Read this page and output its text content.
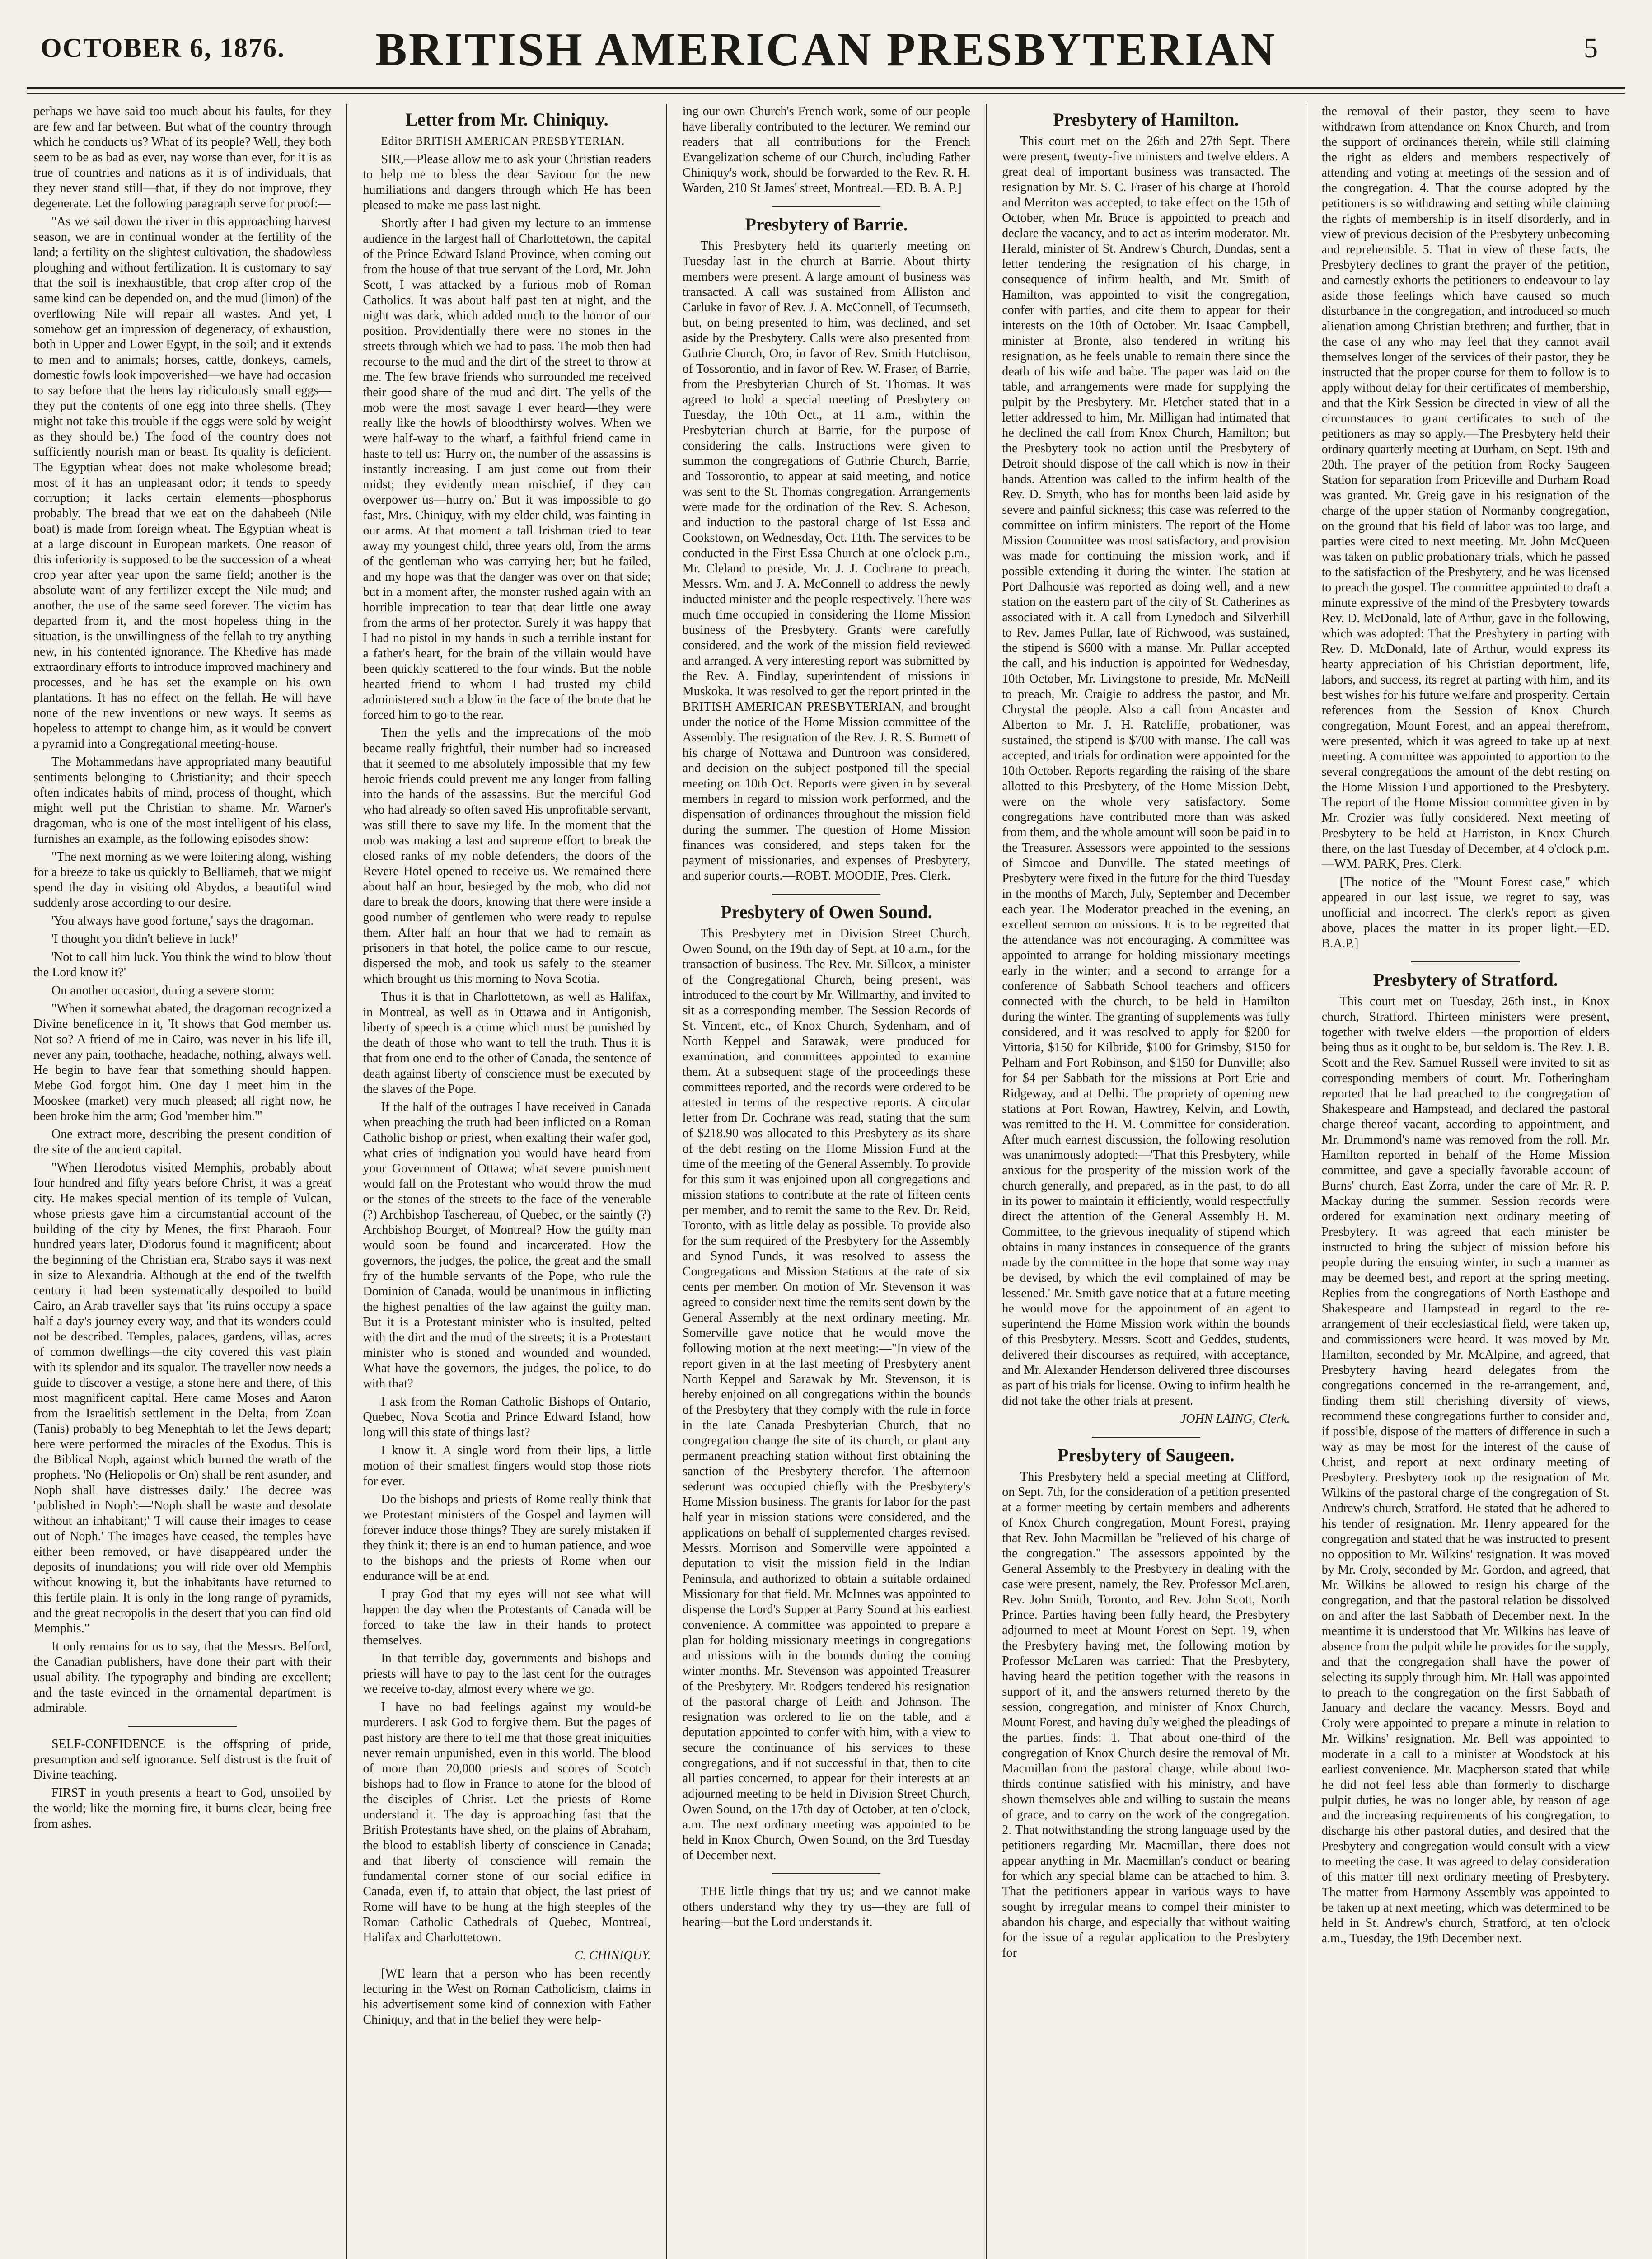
OCTOBER 6, 1876.	BRITISH AMERICAN PRESBYTERIAN	5

perhaps we have said too much about his faults, for they are few and far between. But what of the country through which he conducts us? What of its people? Well, they both seem to be as bad as ever, nay worse than ever, for it is as true of countries and nations as it is of individuals, that they never stand still—that, if they do not improve, they degenerate. Let the following paragraph serve for proof:—

"As we sail down the river in this approaching harvest season, we are in continual wonder at the fertility of the land; a fertility on the slightest cultivation, the shadowless ploughing and without fertilization. It is customary to say that the soil is inexhaustible, that crop after crop of the same kind can be depended on, and the mud (limon) of the overflowing Nile will repair all wastes. And yet, I somehow get an impression of degeneracy, of exhaustion, both in Upper and Lower Egypt, in the soil; and it extends to men and to animals; horses, cattle, donkeys, camels, domestic fowls look impoverished—we have had occasion to say before that the hens lay ridiculously small eggs—they put the contents of one egg into three shells. (They might not take this trouble if the eggs were sold by weight as they should be.) The food of the country does not sufficiently nourish man or beast. Its quality is deficient. The Egyptian wheat does not make wholesome bread; most of it has an unpleasant odor; it tends to speedy corruption; it lacks certain elements—phosphorus probably. The bread that we eat on the dahabeeh (Nile boat) is made from foreign wheat. The Egyptian wheat is at a large discount in European markets. One reason of this inferiority is supposed to be the succession of a wheat crop year after year upon the same field; another is the absolute want of any fertilizer except the Nile mud; and another, the use of the same seed forever. The victim has departed from it, and the most hopeless thing in the situation, is the unwillingness of the fellah to try anything new, in his contented ignorance. The Khedive has made extraordinary efforts to introduce improved machinery and processes, and he has set the example on his own plantations. It has no effect on the fellah. He will have none of the new inventions or new ways. It seems as hopeless to attempt to change him, as it would be convert a pyramid into a Congregational meeting-house.

The Mohammedans have appropriated many beautiful sentiments belonging to Christianity; and their speech often indicates habits of mind, process of thought, which might well put the Christian to shame. Mr. Warner's dragoman, who is one of the most intelligent of his class, furnishes an example, as the following episodes show:

"The next morning as we were loitering along, wishing for a breeze to take us quickly to Belliameh, that we might spend the day in visiting old Abydos, a beautiful wind suddenly arose according to our desire.

'You always have good fortune,' says the dragoman.

'I thought you didn't believe in luck!'

'Not to call him luck. You think the wind to blow 'thout the Lord know it?'

On another occasion, during a severe storm:

"When it somewhat abated, the dragoman recognized a Divine beneficence in it, 'It shows that God member us. Not so? A friend of me in Cairo, was never in his life ill, never any pain, toothache, headache, nothing, always well. He begin to have fear that something should happen. Mebe God forgot him. One day I meet him in the Mooskee (market) very much pleased; all right now, he been broke him the arm; God 'member him.'"

One extract more, describing the present condition of the site of the ancient capital.

"When Herodotus visited Memphis, probably about four hundred and fifty years before Christ, it was a great city. He makes special mention of its temple of Vulcan, whose priests gave him a circumstantial account of the building of the city by Menes, the first Pharaoh. Four hundred years later, Diodorus found it magnificent; about the beginning of the Christian era, Strabo says it was next in size to Alexandria. Although at the end of the twelfth century it had been systematically despoiled to build Cairo, an Arab traveller says that 'its ruins occupy a space half a day's journey every way, and that its wonders could not be described. Temples, palaces, gardens, villas, acres of common dwellings—the city covered this vast plain with its splendor and its squalor. The traveller now needs a guide to discover a vestige, a stone here and there, of this most magnificent capital. Here came Moses and Aaron from the Israelitish settlement in the Delta, from Zoan (Tanis) probably to beg Menephtah to let the Jews depart; here were performed the miracles of the Exodus. This is the Biblical Noph, against which burned the wrath of the prophets. 'No (Heliopolis or On) shall be rent asunder, and Noph shall have distresses daily.' The decree was 'published in Noph':—'Noph shall be waste and desolate without an inhabitant;' 'I will cause their images to cease out of Noph.' The images have ceased, the temples have either been removed, or have disappeared under the deposits of inundations; you will ride over old Memphis without knowing it, but the inhabitants have returned to this fertile plain. It is only in the long range of pyramids, and the great necropolis in the desert that you can find old Memphis."

It only remains for us to say, that the Messrs. Belford, the Canadian publishers, have done their part with their usual ability. The typography and binding are excellent; and the taste evinced in the ornamental department is admirable.

SELF-CONFIDENCE is the offspring of pride, presumption and self ignorance. Self distrust is the fruit of Divine teaching.

FIRST in youth presents a heart to God, unsoiled by the world; like the morning fire, it burns clear, being free from ashes.

Letter from Mr. Chiniquy.

Editor BRITISH AMERICAN PRESBYTERIAN.

SIR,—Please allow me to ask your Christian readers to help me to bless the dear Saviour for the new humiliations and dangers through which He has been pleased to make me pass last night.

Shortly after I had given my lecture to an immense audience in the largest hall of Charlottetown, the capital of the Prince Edward Island Province, when coming out from the house of that true servant of the Lord, Mr. John Scott, I was attacked by a furious mob of Roman Catholics. It was about half past ten at night, and the night was dark, which added much to the horror of our position. Providentially there were no stones in the streets through which we had to pass. The mob then had recourse to the mud and the dirt of the street to throw at me. The few brave friends who surrounded me received their good share of the mud and dirt. The yells of the mob were the most savage I ever heard—they were really like the howls of bloodthirsty wolves. When we were half-way to the wharf, a faithful friend came in haste to tell us: 'Hurry on, the number of the assassins is instantly increasing. I am just come out from their midst; they evidently mean mischief, if they can overpower us—hurry on.' But it was impossible to go fast, Mrs. Chiniquy, with my elder child, was fainting in our arms. At that moment a tall Irishman tried to tear away my youngest child, three years old, from the arms of the gentleman who was carrying her; but he failed, and my hope was that the danger was over on that side; but in a moment after, the monster rushed again with an horrible imprecation to tear that dear little one away from the arms of her protector. Surely it was happy that I had no pistol in my hands in such a terrible instant for a father's heart, for the brain of the villain would have been quickly scattered to the four winds. But the noble hearted friend to whom I had trusted my child administered such a blow in the face of the brute that he forced him to go to the rear.

Then the yells and the imprecations of the mob became really frightful, their number had so increased that it seemed to me absolutely impossible that my few heroic friends could prevent me any longer from falling into the hands of the assassins. But the merciful God who had already so often saved His unprofitable servant, was still there to save my life. In the moment that the mob was making a last and supreme effort to break the closed ranks of my noble defenders, the doors of the Revere Hotel opened to receive us. We remained there about half an hour, besieged by the mob, who did not dare to break the doors, knowing that there were inside a good number of gentlemen who were ready to repulse them. After half an hour that we had to remain as prisoners in that hotel, the police came to our rescue, dispersed the mob, and took us safely to the steamer which brought us this morning to Nova Scotia.

Thus it is that in Charlottetown, as well as Halifax, in Montreal, as well as in Ottawa and in Antigonish, liberty of speech is a crime which must be punished by the death of those who want to tell the truth. Thus it is that from one end to the other of Canada, the sentence of death against liberty of conscience must be executed by the slaves of the Pope.

If the half of the outrages I have received in Canada when preaching the truth had been inflicted on a Roman Catholic bishop or priest, when exalting their wafer god, what cries of indignation you would have heard from your Government of Ottawa; what severe punishment would fall on the Protestant who would throw the mud or the stones of the streets to the face of the venerable (?) Archbishop Taschereau, of Quebec, or the saintly (?) Archbishop Bourget, of Montreal? How the guilty man would soon be found and incarcerated. How the governors, the judges, the police, the great and the small fry of the humble servants of the Pope, who rule the Dominion of Canada, would be unanimous in inflicting the highest penalties of the law against the guilty man. But it is a Protestant minister who is insulted, pelted with the dirt and the mud of the streets; it is a Protestant minister who is stoned and wounded and wounded. What have the governors, the judges, the police, to do with that?

I ask from the Roman Catholic Bishops of Ontario, Quebec, Nova Scotia and Prince Edward Island, how long will this state of things last?

I know it. A single word from their lips, a little motion of their smallest fingers would stop those riots for ever.

Do the bishops and priests of Rome really think that we Protestant ministers of the Gospel and laymen will forever induce those things? They are surely mistaken if they think it; there is an end to human patience, and woe to the bishops and the priests of Rome when our endurance will be at end.

I pray God that my eyes will not see what will happen the day when the Protestants of Canada will be forced to take the law in their hands to protect themselves.

In that terrible day, governments and bishops and priests will have to pay to the last cent for the outrages we receive to-day, almost every where we go.

I have no bad feelings against my would-be murderers. I ask God to forgive them. But the pages of past history are there to tell me that those great iniquities never remain unpunished, even in this world. The blood of more than 20,000 priests and scores of Scotch bishops had to flow in France to atone for the blood of the disciples of Christ. Let the priests of Rome understand it. The day is approaching fast that the British Protestants have shed, on the plains of Abraham, the blood to establish liberty of conscience in Canada; and that liberty of conscience will remain the fundamental corner stone of our social edifice in Canada, even if, to attain that object, the last priest of Rome will have to be hung at the high steeples of the Roman Catholic Cathedrals of Quebec, Montreal, Halifax and Charlottetown.

C. CHINIQUY.

[WE learn that a person who has been recently lecturing in the West on Roman Catholicism, claims in his advertisement some kind of connexion with Father Chiniquy, and that in the belief they were help-

ing our own Church's French work, some of our people have liberally contributed to the lecturer. We remind our readers that all contributions for the French Evangelization scheme of our Church, including Father Chiniquy's work, should be forwarded to the Rev. R. H. Warden, 210 St James' street, Montreal.—ED. B. A. P.]

Presbytery of Barrie.

This Presbytery held its quarterly meeting on Tuesday last in the church at Barrie. About thirty members were present. A large amount of business was transacted. A call was sustained from Alliston and Carluke in favor of Rev. J. A. McConnell, of Tecumseth, but, on being presented to him, was declined, and set aside by the Presbytery. Calls were also presented from Guthrie Church, Oro, in favor of Rev. Smith Hutchison, of Tossorontio, and in favor of Rev. W. Fraser, of Barrie, from the Presbyterian Church of St. Thomas. It was agreed to hold a special meeting of Presbytery on Tuesday, the 10th Oct., at 11 a.m., within the Presbyterian church at Barrie, for the purpose of considering the calls. Instructions were given to summon the congregations of Guthrie Church, Barrie, and Tossorontio, to appear at said meeting, and notice was sent to the St. Thomas congregation. Arrangements were made for the ordination of the Rev. S. Acheson, and induction to the pastoral charge of 1st Essa and Cookstown, on Wednesday, Oct. 11th. The services to be conducted in the First Essa Church at one o'clock p.m., Mr. Cleland to preside, Mr. J. J. Cochrane to preach, Messrs. Wm. and J. A. McConnell to address the newly inducted minister and the people respectively. There was much time occupied in considering the Home Mission business of the Presbytery. Grants were carefully considered, and the work of the mission field reviewed and arranged. A very interesting report was submitted by the Rev. A. Findlay, superintendent of missions in Muskoka. It was resolved to get the report printed in the BRITISH AMERICAN PRESBYTERIAN, and brought under the notice of the Home Mission committee of the Assembly. The resignation of the Rev. J. R. S. Burnett of his charge of Nottawa and Duntroon was considered, and decision on the subject postponed till the special meeting on 10th Oct. Reports were given in by several members in regard to mission work performed, and the dispensation of ordinances throughout the mission field during the summer. The question of Home Mission finances was considered, and steps taken for the payment of missionaries, and expenses of Presbytery, and superior courts.—ROBT. MOODIE, Pres. Clerk.

Presbytery of Owen Sound.

This Presbytery met in Division Street Church, Owen Sound, on the 19th day of Sept. at 10 a.m., for the transaction of business. The Rev. Mr. Sillcox, a minister of the Congregational Church, being present, was introduced to the court by Mr. Willmarthy, and invited to sit as a corresponding member. The Session Records of St. Vincent, etc., of Knox Church, Sydenham, and of North Keppel and Sarawak, were produced for examination, and committees appointed to examine them. At a subsequent stage of the proceedings these committees reported, and the records were ordered to be attested in terms of the respective reports. A circular letter from Dr. Cochrane was read, stating that the sum of $218.90 was allocated to this Presbytery as its share of the debt resting on the Home Mission Fund at the time of the meeting of the General Assembly. To provide for this sum it was enjoined upon all congregations and mission stations to contribute at the rate of fifteen cents per member, and to remit the same to the Rev. Dr. Reid, Toronto, with as little delay as possible. To provide also for the sum required of the Presbytery for the Assembly and Synod Funds, it was resolved to assess the Congregations and Mission Stations at the rate of six cents per member. On motion of Mr. Stevenson it was agreed to consider next time the remits sent down by the General Assembly at the next ordinary meeting. Mr. Somerville gave notice that he would move the following motion at the next meeting:—"In view of the report given in at the last meeting of Presbytery anent North Keppel and Sarawak by Mr. Stevenson, it is hereby enjoined on all congregations within the bounds of the Presbytery that they comply with the rule in force in the late Canada Presbyterian Church, that no congregation change the site of its church, or plant any permanent preaching station without first obtaining the sanction of the Presbytery therefor. The afternoon sederunt was occupied chiefly with the Presbytery's Home Mission business. The grants for labor for the past half year in mission stations were considered, and the applications on behalf of supplemented charges revised. Messrs. Morrison and Somerville were appointed a deputation to visit the mission field in the Indian Peninsula, and authorized to obtain a suitable ordained Missionary for that field. Mr. McInnes was appointed to dispense the Lord's Supper at Parry Sound at his earliest convenience. A committee was appointed to prepare a plan for holding missionary meetings in congregations and missions with in the bounds during the coming winter months. Mr. Stevenson was appointed Treasurer of the Presbytery. Mr. Rodgers tendered his resignation of the pastoral charge of Leith and Johnson. The resignation was ordered to lie on the table, and a deputation appointed to confer with him, with a view to secure the continuance of his services to these congregations, and if not successful in that, then to cite all parties concerned, to appear for their interests at an adjourned meeting to be held in Division Street Church, Owen Sound, on the 17th day of October, at ten o'clock, a.m. The next ordinary meeting was appointed to be held in Knox Church, Owen Sound, on the 3rd Tuesday of December next.

THE little things that try us; and we cannot make others understand why they try us—they are full of hearing—but the Lord understands it.

Presbytery of Hamilton.

This court met on the 26th and 27th Sept. There were present, twenty-five ministers and twelve elders. A great deal of important business was transacted. The resignation by Mr. S. C. Fraser of his charge at Thorold and Merriton was accepted, to take effect on the 15th of October, when Mr. Bruce is appointed to preach and declare the vacancy, and to act as interim moderator. Mr. Herald, minister of St. Andrew's Church, Dundas, sent a letter tendering the resignation of his charge, in consequence of infirm health, and Mr. Smith of Hamilton, was appointed to visit the congregation, confer with parties, and cite them to appear for their interests on the 10th of October. Mr. Isaac Campbell, minister at Bronte, also tendered in writing his resignation, as he feels unable to remain there since the death of his wife and babe. The paper was laid on the table, and arrangements were made for supplying the pulpit by the Presbytery. Mr. Fletcher stated that in a letter addressed to him, Mr. Milligan had intimated that he declined the call from Knox Church, Hamilton; but the Presbytery took no action until the Presbytery of Detroit should dispose of the call which is now in their hands. Attention was called to the infirm health of the Rev. D. Smyth, who has for months been laid aside by severe and painful sickness; this case was referred to the committee on infirm ministers. The report of the Home Mission Committee was most satisfactory, and provision was made for continuing the mission work, and if possible extending it during the winter. The station at Port Dalhousie was reported as doing well, and a new station on the eastern part of the city of St. Catherines as associated with it. A call from Lynedoch and Silverhill to Rev. James Pullar, late of Richwood, was sustained, the stipend is $600 with a manse. Mr. Pullar accepted the call, and his induction is appointed for Wednesday, 10th October, Mr. Livingstone to preside, Mr. McNeill to preach, Mr. Craigie to address the pastor, and Mr. Chrystal the people. Also a call from Ancaster and Alberton to Mr. J. H. Ratcliffe, probationer, was sustained, the stipend is $700 with manse. The call was accepted, and trials for ordination were appointed for the 10th October. Reports regarding the raising of the share allotted to this Presbytery, of the Home Mission Debt, were on the whole very satisfactory. Some congregations have contributed more than was asked from them, and the whole amount will soon be paid in to the Treasurer. Assessors were appointed to the sessions of Simcoe and Dunville. The stated meetings of Presbytery were fixed in the future for the third Tuesday in the months of March, July, September and December each year. The Moderator preached in the evening, an excellent sermon on missions. It is to be regretted that the attendance was not encouraging. A committee was appointed to arrange for holding missionary meetings early in the winter; and a second to arrange for a conference of Sabbath School teachers and officers connected with the church, to be held in Hamilton during the winter. The granting of supplements was fully considered, and it was resolved to apply for $200 for Vittoria, $150 for Kilbride, $100 for Grimsby, $150 for Pelham and Fort Robinson, and $150 for Dunville; also for $4 per Sabbath for the missions at Port Erie and Ridgeway, and at Delhi. The propriety of opening new stations at Port Rowan, Hawtrey, Kelvin, and Lowth, was remitted to the H. M. Committee for consideration. After much earnest discussion, the following resolution was unanimously adopted:—'That this Presbytery, while anxious for the prosperity of the mission work of the church generally, and prepared, as in the past, to do all in its power to maintain it efficiently, would respectfully direct the attention of the General Assembly H. M. Committee, to the grievous inequality of stipend which obtains in many instances in consequence of the grants made by the committee in the hope that some way may be devised, by which the evil complained of may be lessened.' Mr. Smith gave notice that at a future meeting he would move for the appointment of an agent to superintend the Home Mission work within the bounds of this Presbytery. Messrs. Scott and Geddes, students, delivered their discourses as required, with acceptance, and Mr. Alexander Henderson delivered three discourses as part of his trials for license. Owing to infirm health he did not take the other trials at present.

JOHN LAING, Clerk.

Presbytery of Saugeen.

This Presbytery held a special meeting at Clifford, on Sept. 7th, for the consideration of a petition presented at a former meeting by certain members and adherents of Knox Church congregation, Mount Forest, praying that Rev. John Macmillan be "relieved of his charge of the congregation." The assessors appointed by the General Assembly to the Presbytery in dealing with the case were present, namely, the Rev. Professor McLaren, Rev. John Smith, Toronto, and Rev. John Scott, North Prince. Parties having been fully heard, the Presbytery adjourned to meet at Mount Forest on Sept. 19, when the Presbytery having met, the following motion by Professor McLaren was carried: That the Presbytery, having heard the petition together with the reasons in support of it, and the answers returned thereto by the session, congregation, and minister of Knox Church, Mount Forest, and having duly weighed the pleadings of the parties, finds: 1. That about one-third of the congregation of Knox Church desire the removal of Mr. Macmillan from the pastoral charge, while about two-thirds continue satisfied with his ministry, and have shown themselves able and willing to sustain the means of grace, and to carry on the work of the congregation. 2. That notwithstanding the strong language used by the petitioners regarding Mr. Macmillan, there does not appear anything in Mr. Macmillan's conduct or bearing for which any special blame can be attached to him. 3. That the petitioners appear in various ways to have sought by irregular means to compel their minister to abandon his charge, and especially that without waiting for the issue of a regular application to the Presbytery for

the removal of their pastor, they seem to have withdrawn from attendance on Knox Church, and from the support of ordinances therein, while still claiming the right as elders and members respectively of attending and voting at meetings of the session and of the congregation. 4. That the course adopted by the petitioners is so withdrawing and setting while claiming the rights of membership is in itself disorderly, and in view of previous decision of the Presbytery unbecoming and reprehensible. 5. That in view of these facts, the Presbytery declines to grant the prayer of the petition, and earnestly exhorts the petitioners to endeavour to lay aside those feelings which have caused so much disturbance in the congregation, and introduced so much alienation among Christian brethren; and further, that in the case of any who may feel that they cannot avail themselves longer of the services of their pastor, they be instructed that the proper course for them to follow is to apply without delay for their certificates of membership, and that the Kirk Session be directed in view of all the circumstances to grant certificates to such of the petitioners as may so apply.—The Presbytery held their ordinary quarterly meeting at Durham, on Sept. 19th and 20th. The prayer of the petition from Rocky Saugeen Station for separation from Priceville and Durham Road was granted. Mr. Greig gave in his resignation of the charge of the upper station of Normanby congregation, on the ground that his field of labor was too large, and parties were cited to next meeting. Mr. John McQueen was taken on public probationary trials, which he passed to the satisfaction of the Presbytery, and he was licensed to preach the gospel. The committee appointed to draft a minute expressive of the mind of the Presbytery towards Rev. D. McDonald, late of Arthur, gave in the following, which was adopted: That the Presbytery in parting with Rev. D. McDonald, late of Arthur, would express its hearty appreciation of his Christian deportment, life, labors, and success, its regret at parting with him, and its best wishes for his future welfare and prosperity. Certain references from the Session of Knox Church congregation, Mount Forest, and an appeal therefrom, were presented, which it was agreed to take up at next meeting. A committee was appointed to apportion to the several congregations the amount of the debt resting on the Home Mission Fund apportioned to the Presbytery. The report of the Home Mission committee given in by Mr. Crozier was fully considered. Next meeting of Presbytery to be held at Harriston, in Knox Church there, on the last Tuesday of December, at 4 o'clock p.m.—WM. PARK, Pres. Clerk.

[The notice of the "Mount Forest case," which appeared in our last issue, we regret to say, was unofficial and incorrect. The clerk's report as given above, places the matter in its proper light.—ED. B.A.P.]

Presbytery of Stratford.

This court met on Tuesday, 26th inst., in Knox church, Stratford. Thirteen ministers were present, together with twelve elders —the proportion of elders being thus as it ought to be, but seldom is. The Rev. J. B. Scott and the Rev. Samuel Russell were invited to sit as corresponding members of court. Mr. Fotheringham reported that he had preached to the congregation of Shakespeare and Hampstead, and declared the pastoral charge thereof vacant, according to appointment, and Mr. Drummond's name was removed from the roll. Mr. Hamilton reported in behalf of the Home Mission committee, and gave a specially favorable account of Burns' church, East Zorra, under the care of Mr. R. P. Mackay during the summer. Session records were ordered for examination next ordinary meeting of Presbytery. It was agreed that each minister be instructed to bring the subject of mission before his people during the ensuing winter, in such a manner as may be deemed best, and report at the spring meeting. Replies from the congregations of North Easthope and Shakespeare and Hampstead in regard to the re-arrangement of their ecclesiastical field, were taken up, and commissioners were heard. It was moved by Mr. Hamilton, seconded by Mr. McAlpine, and agreed, that Presbytery having heard delegates from the congregations concerned in the re-arrangement, and, finding them still cherishing diversity of views, recommend these congregations further to consider and, if possible, dispose of the matters of difference in such a way as may be most for the interest of the cause of Christ, and report at next ordinary meeting of Presbytery. Presbytery took up the resignation of Mr. Wilkins of the pastoral charge of the congregation of St. Andrew's church, Stratford. He stated that he adhered to his tender of resignation. Mr. Henry appeared for the congregation and stated that he was instructed to present no opposition to Mr. Wilkins' resignation. It was moved by Mr. Croly, seconded by Mr. Gordon, and agreed, that Mr. Wilkins be allowed to resign his charge of the congregation, and that the pastoral relation be dissolved on and after the last Sabbath of December next. In the meantime it is understood that Mr. Wilkins has leave of absence from the pulpit while he provides for the supply, and that the congregation shall have the power of selecting its supply through him. Mr. Hall was appointed to preach to the congregation on the first Sabbath of January and declare the vacancy. Messrs. Boyd and Croly were appointed to prepare a minute in relation to Mr. Wilkins' resignation. Mr. Bell was appointed to moderate in a call to a minister at Woodstock at his earliest convenience. Mr. Macpherson stated that while he did not feel less able than formerly to discharge pulpit duties, he was no longer able, by reason of age and the increasing requirements of his congregation, to discharge his other pastoral duties, and desired that the Presbytery and congregation would consult with a view to meeting the case. It was agreed to delay consideration of this matter till next ordinary meeting of Presbytery. The matter from Harmony Assembly was appointed to be taken up at next meeting, which was determined to be held in St. Andrew's church, Stratford, at ten o'clock a.m., Tuesday, the 19th December next.
